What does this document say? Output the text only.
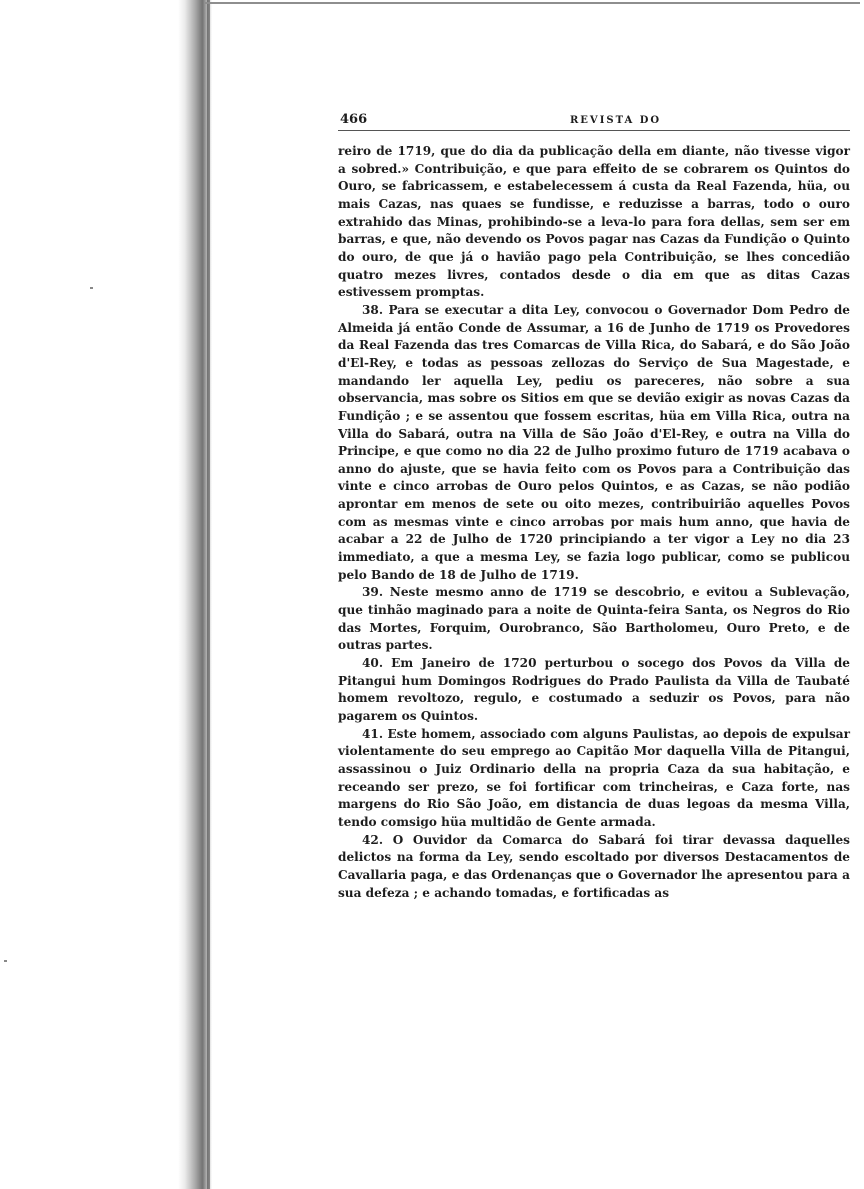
466	REVISTA DO

reiro de 1719, que do dia da publicação della em diante, não tivesse vigor a sobred.» Contribuição, e que para effeito de se cobrarem os Quintos do Ouro, se fabricassem, e estabelecessem á custa da Real Fazenda, hüa, ou mais Cazas, nas quaes se fundisse, e reduzisse a barras, todo o ouro extrahido das Minas, prohibindo-se a leva-lo para fora dellas, sem ser em barras, e que, não devendo os Povos pagar nas Cazas da Fundição o Quinto do ouro, de que já o havião pago pela Contribuição, se lhes concedião quatro mezes livres, contados desde o dia em que as ditas Cazas estivessem promptas.

38. Para se executar a dita Ley, convocou o Governador Dom Pedro de Almeida já então Conde de Assumar, a 16 de Junho de 1719 os Provedores da Real Fazenda das tres Comarcas de Villa Rica, do Sabará, e do São João d'El-Rey, e todas as pessoas zellozas do Serviço de Sua Magestade, e mandando ler aquella Ley, pediu os pareceres, não sobre a sua observancia, mas sobre os Sitios em que se devião exigir as novas Cazas da Fundição ; e se assentou que fossem escritas, hüa em Villa Rica, outra na Villa do Sabará, outra na Villa de São João d'El-Rey, e outra na Villa do Principe, e que como no dia 22 de Julho proximo futuro de 1719 acabava o anno do ajuste, que se havia feito com os Povos para a Contribuição das vinte e cinco arrobas de Ouro pelos Quintos, e as Cazas, se não podião aprontar em menos de sete ou oito mezes, contribuirião aquelles Povos com as mesmas vinte e cinco arrobas por mais hum anno, que havia de acabar a 22 de Julho de 1720 principiando a ter vigor a Ley no dia 23 immediato, a que a mesma Ley, se fazia logo publicar, como se publicou pelo Bando de 18 de Julho de 1719.

39. Neste mesmo anno de 1719 se descobrio, e evitou a Sublevação, que tinhão maginado para a noite de Quinta-feira Santa, os Negros do Rio das Mortes, Forquim, Ourobranco, São Bartholomeu, Ouro Preto, e de outras partes.

40. Em Janeiro de 1720 perturbou o socego dos Povos da Villa de Pitangui hum Domingos Rodrigues do Prado Paulista da Villa de Taubaté homem revoltozo, regulo, e costumado a seduzir os Povos, para não pagarem os Quintos.

41. Este homem, associado com alguns Paulistas, ao depois de expulsar violentamente do seu emprego ao Capitão Mor daquella Villa de Pitangui, assassinou o Juiz Ordinario della na propria Caza da sua habitação, e receando ser prezo, se foi fortificar com trincheiras, e Caza forte, nas margens do Rio São João, em distancia de duas legoas da mesma Villa, tendo comsigo hüa multidão de Gente armada.

42. O Ouvidor da Comarca do Sabará foi tirar devassa daquelles delictos na forma da Ley, sendo escoltado por diversos Destacamentos de Cavallaria paga, e das Ordenanças que o Governador lhe apresentou para a sua defeza ; e achando tomadas, e fortificadas as
